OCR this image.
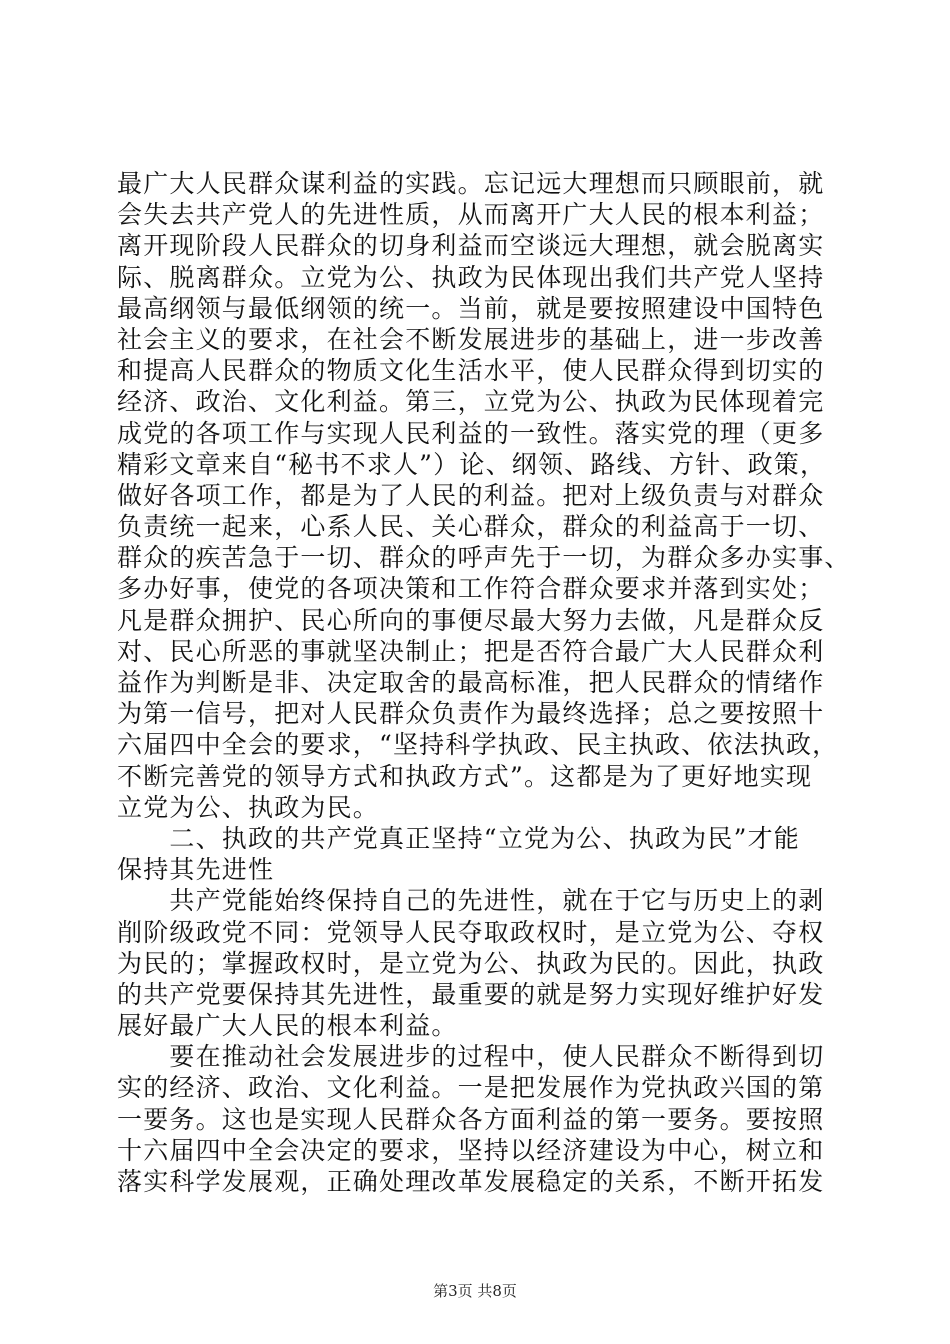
最广大人民群众谋利益的实践。忘记远大理想而只顾眼前，就
会失去共产党人的先进性质，从而离开广大人民的根本利益；
离开现阶段人民群众的切身利益而空谈远大理想，就会脱离实
际、脱离群众。立党为公、执政为民体现出我们共产党人坚持
最高纲领与最低纲领的统一。当前，就是要按照建设中国特色
社会主义的要求，在社会不断发展进步的基础上，进一步改善
和提高人民群众的物质文化生活水平，使人民群众得到切实的
经济、政治、文化利益。第三，立党为公、执政为民体现着完
成党的各项工作与实现人民利益的一致性。落实党的理（更多
精彩文章来自“秘书不求人”）论、纲领、路线、方针、政策，
做好各项工作，都是为了人民的利益。把对上级负责与对群众
负责统一起来，心系人民、关心群众，群众的利益高于一切、
群众的疾苦急于一切、群众的呼声先于一切，为群众多办实事、
多办好事，使党的各项决策和工作符合群众要求并落到实处；
凡是群众拥护、民心所向的事便尽最大努力去做，凡是群众反
对、民心所恶的事就坚决制止；把是否符合最广大人民群众利
益作为判断是非、决定取舍的最高标准，把人民群众的情绪作
为第一信号，把对人民群众负责作为最终选择；总之要按照十
六届四中全会的要求，“坚持科学执政、民主执政、依法执政，
不断完善党的领导方式和执政方式”。这都是为了更好地实现
立党为公、执政为民。
　　二、执政的共产党真正坚持“立党为公、执政为民”才能
保持其先进性
　　共产党能始终保持自己的先进性，就在于它与历史上的剥
削阶级政党不同：党领导人民夺取政权时，是立党为公、夺权
为民的；掌握政权时，是立党为公、执政为民的。因此，执政
的共产党要保持其先进性，最重要的就是努力实现好维护好发
展好最广大人民的根本利益。
　　要在推动社会发展进步的过程中，使人民群众不断得到切
实的经济、政治、文化利益。一是把发展作为党执政兴国的第
一要务。这也是实现人民群众各方面利益的第一要务。要按照
十六届四中全会决定的要求，坚持以经济建设为中心，树立和
落实科学发展观，正确处理改革发展稳定的关系，不断开拓发
第3页 共8页
